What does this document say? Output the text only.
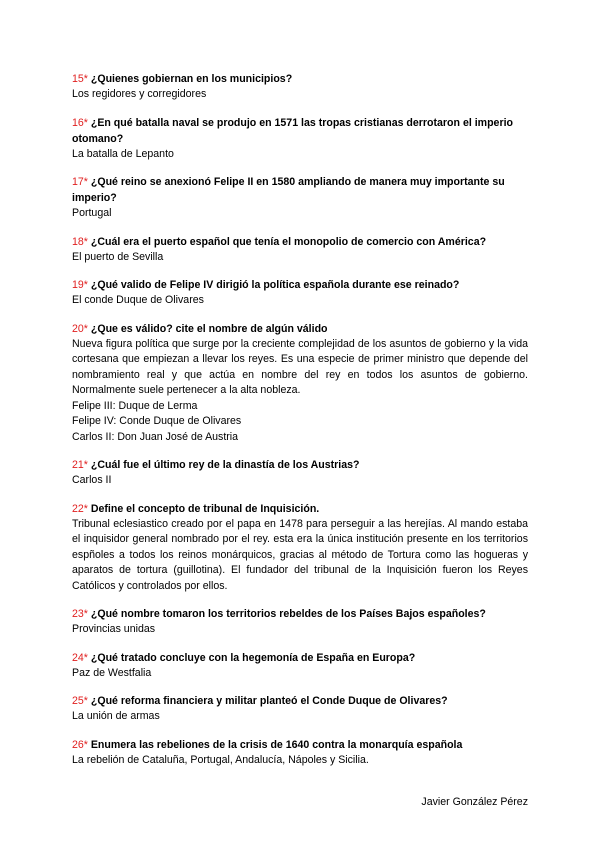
15* ¿Quienes gobiernan en los municipios?

Los regidores y corregidores

16* ¿En qué batalla naval se produjo en 1571 las tropas cristianas derrotaron el imperio otomano?

La batalla de Lepanto

17* ¿Qué reino se anexionó Felipe II en 1580 ampliando de manera muy importante su imperio?

Portugal

18* ¿Cuál era el puerto español que tenía el monopolio de comercio con América?

El puerto de Sevilla

19* ¿Qué valido de Felipe IV dirigió la política española durante ese reinado?

El conde Duque de Olivares

20* ¿Que es válido? cite el nombre de algún válido

Nueva figura política que surge por la creciente complejidad de los asuntos de gobierno y la vida cortesana que empiezan a llevar los reyes. Es una especie de primer ministro que depende del nombramiento real y que actúa en nombre del rey en todos los asuntos de gobierno. Normalmente suele pertenecer a la alta nobleza.

Felipe III: Duque de Lerma

Felipe IV: Conde Duque de Olivares

Carlos II: Don Juan José de Austria

21* ¿Cuál fue el último rey de la dinastía de los Austrias?

Carlos II

22* Define el concepto de tribunal de Inquisición.

Tribunal eclesiastico creado por el papa en 1478 para perseguir a las herejías. Al mando estaba el inquisidor general nombrado por el rey. esta era la única institución presente en los territorios espñoles a todos los reinos monárquicos, gracias al método de Tortura como las hogueras y aparatos de tortura (guillotina). El fundador del tribunal de la Inquisición fueron los Reyes Católicos y controlados por ellos.

23* ¿Qué nombre tomaron los territorios rebeldes de los Países Bajos españoles?

Provincias unidas

24* ¿Qué tratado concluye con la hegemonía de España en Europa?

Paz de Westfalia

25* ¿Qué reforma financiera y militar planteó el Conde Duque de Olivares?

La unión de armas

26* Enumera las rebeliones de la crisis de 1640 contra la monarquía española

La rebelión de Cataluña, Portugal, Andalucía, Nápoles y Sicilia.

Javier González Pérez
